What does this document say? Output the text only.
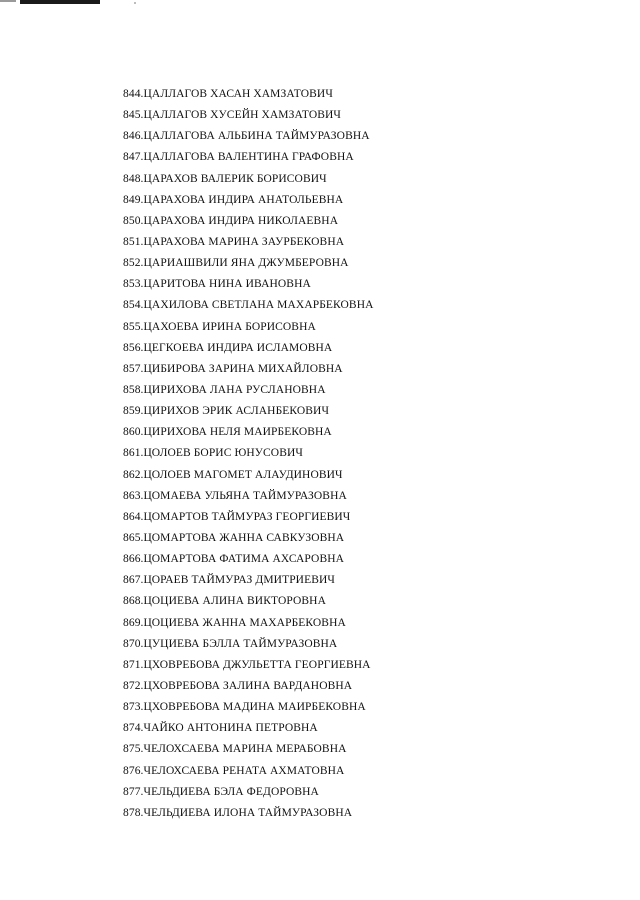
844.ЦАЛЛАГОВ ХАСАН ХАМЗАТОВИЧ
845.ЦАЛЛАГОВ ХУСЕЙН ХАМЗАТОВИЧ
846.ЦАЛЛАГОВА АЛЬБИНА ТАЙМУРАЗОВНА
847.ЦАЛЛАГОВА ВАЛЕНТИНА ГРАФОВНА
848.ЦАРАХОВ ВАЛЕРИК БОРИСОВИЧ
849.ЦАРАХОВА ИНДИРА АНАТОЛЬЕВНА
850.ЦАРАХОВА ИНДИРА НИКОЛАЕВНА
851.ЦАРАХОВА МАРИНА ЗАУРБЕКОВНА
852.ЦАРИАШВИЛИ ЯНА ДЖУМБЕРОВНА
853.ЦАРИТОВА НИНА ИВАНОВНА
854.ЦАХИЛОВА СВЕТЛАНА МАХАРБЕКОВНА
855.ЦАХОЕВА ИРИНА БОРИСОВНА
856.ЦЕГКОЕВА ИНДИРА ИСЛАМОВНА
857.ЦИБИРОВА ЗАРИНА МИХАЙЛОВНА
858.ЦИРИХОВА ЛАНА РУСЛАНОВНА
859.ЦИРИХОВ ЭРИК АСЛАНБЕКОВИЧ
860.ЦИРИХОВА НЕЛЯ МАИРБЕКОВНА
861.ЦОЛОЕВ БОРИС ЮНУСОВИЧ
862.ЦОЛОЕВ МАГОМЕТ АЛАУДИНОВИЧ
863.ЦОМАЕВА УЛЬЯНА ТАЙМУРАЗОВНА
864.ЦОМАРТОВ ТАЙМУРАЗ ГЕОРГИЕВИЧ
865.ЦОМАРТОВА ЖАННА САВКУЗОВНА
866.ЦОМАРТОВА ФАТИМА АХСАРОВНА
867.ЦОРАЕВ ТАЙМУРАЗ ДМИТРИЕВИЧ
868.ЦОЦИЕВА АЛИНА ВИКТОРОВНА
869.ЦОЦИЕВА ЖАННА МАХАРБЕКОВНА
870.ЦУЦИЕВА БЭЛЛА ТАЙМУРАЗОВНА
871.ЦХОВРЕБОВА ДЖУЛЬЕТТА ГЕОРГИЕВНА
872.ЦХОВРЕБОВА ЗАЛИНА ВАРДАНОВНА
873.ЦХОВРЕБОВА МАДИНА МАИРБЕКОВНА
874.ЧАЙКО АНТОНИНА ПЕТРОВНА
875.ЧЕЛОХСАЕВА МАРИНА МЕРАБОВНА
876.ЧЕЛОХСАЕВА РЕНАТА АХМАТОВНА
877.ЧЕЛЬДИЕВА БЭЛА ФЕДОРОВНА
878.ЧЕЛЬДИЕВА ИЛОНА ТАЙМУРАЗОВНА
